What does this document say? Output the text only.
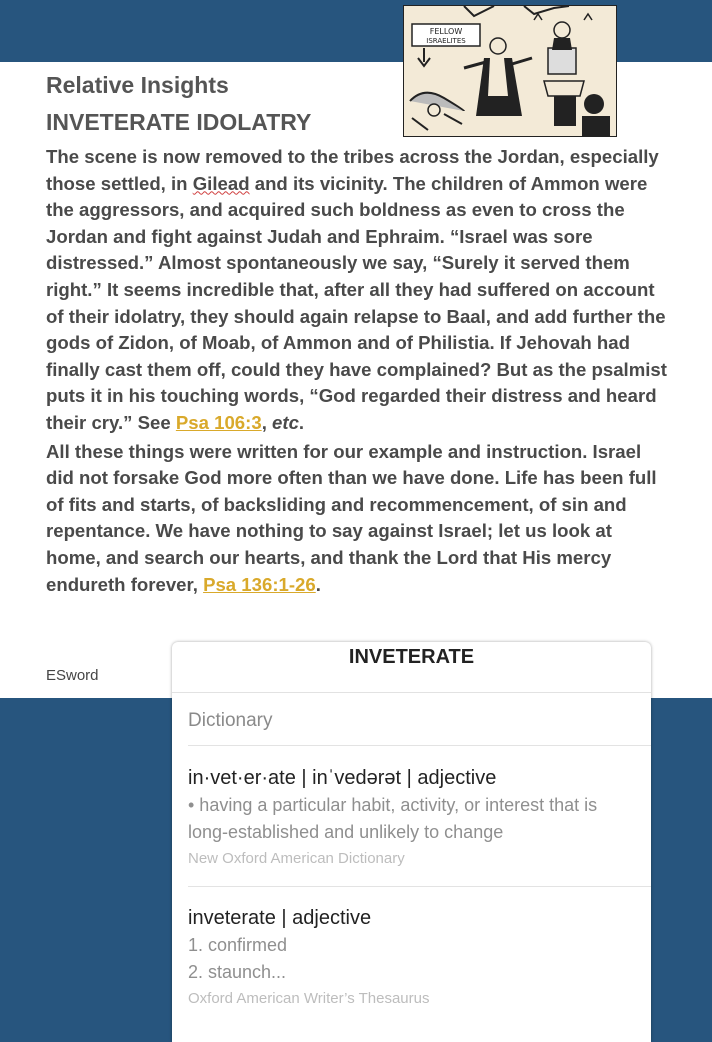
Relative Insights
INVETERATE IDOLATRY

The scene is now removed to the tribes across the Jordan, especially those settled, in Gilead and its vicinity. The children of Ammon were the aggressors, and acquired such boldness as even to cross the Jordan and fight against Judah and Ephraim. “Israel was sore distressed.” Almost spontaneously we say, “Surely it served them right.” It seems incredible that, after all they had suffered on account of their idolatry, they should again relapse to Baal, and add further the gods of Zidon, of Moab, of Ammon and of Philistia. If Jehovah had finally cast them off, could they have complained? But as the psalmist puts it in his touching words, “God regarded their distress and heard their cry.” See Psa 106:3, etc.

All these things were written for our example and instruction. Israel did not forsake God more often than we have done. Life has been full of fits and starts, of backsliding and recommencement, of sin and repentance. We have nothing to say against Israel; let us look at home, and search our hearts, and thank the Lord that His mercy endureth forever, Psa 136:1-26.

ESword
FELLOW
ISRAELITES
INVETERATE
Dictionary
in·vet·er·ate | inˈvedərət | adjective
• having a particular habit, activity, or interest that is long-established and unlikely to change
New Oxford American Dictionary
inveterate | adjective
1. confirmed
2. staunch...
Oxford American Writer’s Thesaurus
